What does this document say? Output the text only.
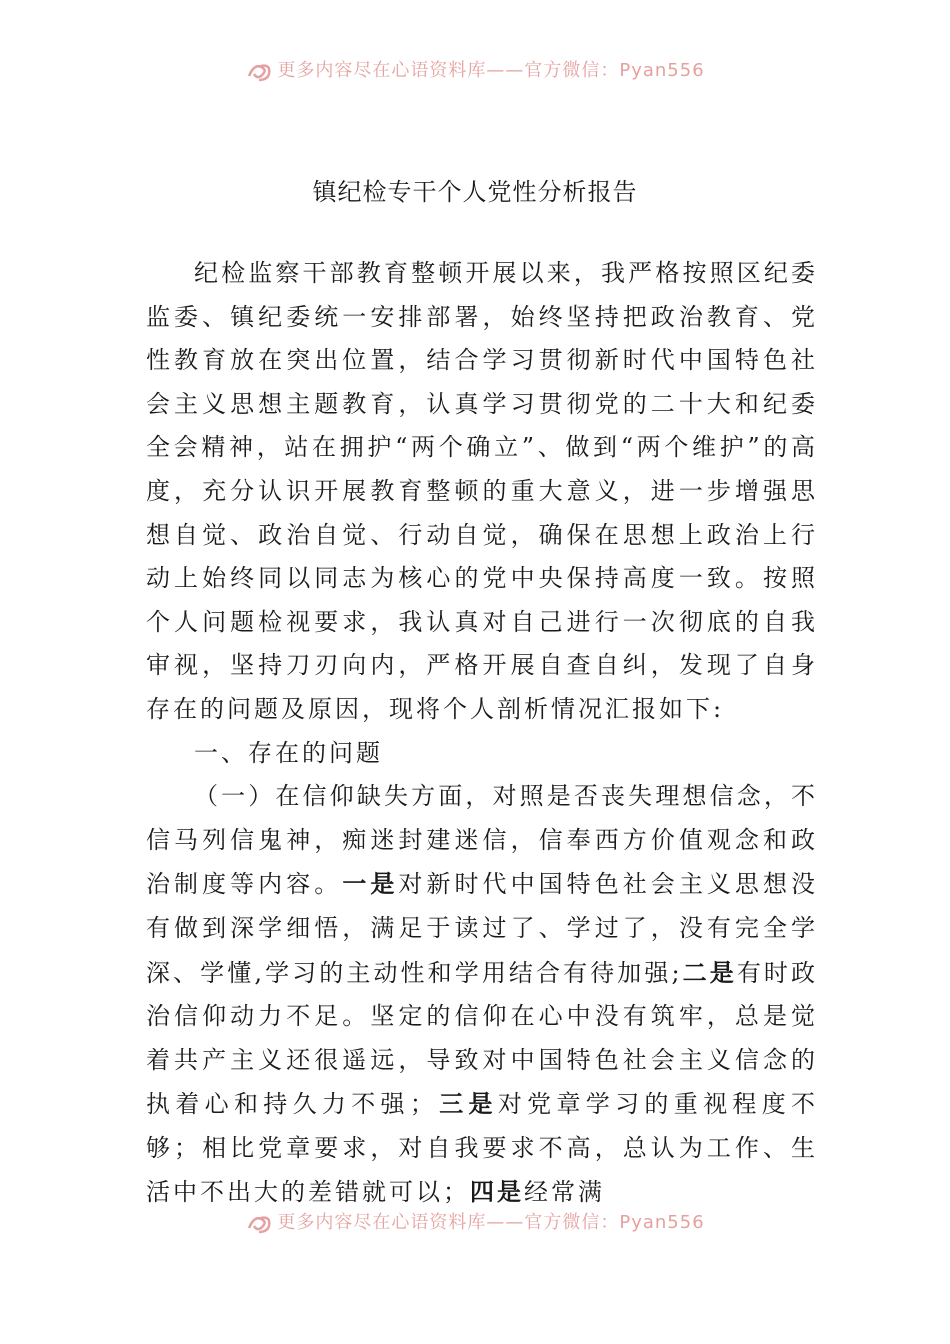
更多内容尽在心语资料库——官方微信：Pyan556
镇纪检专干个人党性分析报告

纪检监察干部教育整顿开展以来，我严格按照区纪委监委、镇纪委统一安排部署，始终坚持把政治教育、党性教育放在突出位置，结合学习贯彻新时代中国特色社会主义思想主题教育，认真学习贯彻党的二十大和纪委全会精神，站在拥护“两个确立”、做到“两个维护”的高度，充分认识开展教育整顿的重大意义，进一步增强思想自觉、政治自觉、行动自觉，确保在思想上政治上行动上始终同以同志为核心的党中央保持高度一致。按照个人问题检视要求，我认真对自己进行一次彻底的自我审视，坚持刀刃向内，严格开展自查自纠，发现了自身存在的问题及原因，现将个人剖析情况汇报如下:

一、存在的问题

（一）在信仰缺失方面，对照是否丧失理想信念，不信马列信鬼神，痴迷封建迷信，信奉西方价值观念和政治制度等内容。一是对新时代中国特色社会主义思想没有做到深学细悟，满足于读过了、学过了，没有完全学深、学懂,学习的主动性和学用结合有待加强;二是有时政治信仰动力不足。坚定的信仰在心中没有筑牢，总是觉着共产主义还很遥远，导致对中国特色社会主义信念的执着心和持久力不强；三是对党章学习的重视程度不够；相比党章要求，对自我要求不高，总认为工作、生活中不出大的差错就可以；四是经常满

更多内容尽在心语资料库——官方微信：Pyan556
